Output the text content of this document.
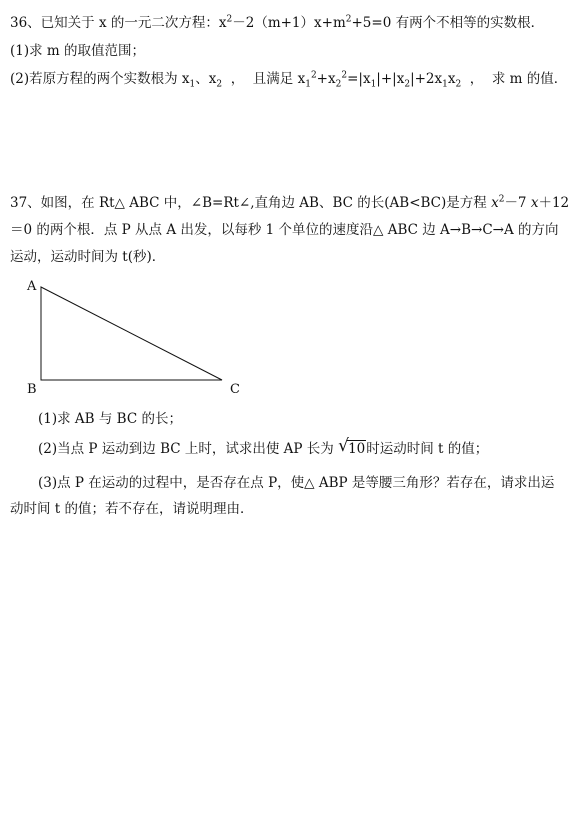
36、已知关于 x 的一元二次方程：$x^2-2(m+1)x+m^2+5=0$ 有两个不相等的实数根．
(1)求 m 的取值范围；
(2)若原方程的两个实数根为 $x_1$、$x_2$  ，  且满足 $x_1^2+x_2^2=|x_1|+|x_2|+2x_1x_2$  ，  求 m 的值．
37、如图，在 Rt△ ABC 中，∠B=Rt∠,直角边 AB、BC 的长(AB<BC)是方程 $x^2-7$ x＋12
＝0 的两个根．点 P 从点 A 出发，以每秒 1 个单位的速度沿△ ABC 边 A→B→C→A 的方向
运动，运动时间为 t(秒)．
A
B	C
(1)求 AB 与 BC 的长；
(2)当点 P 运动到边 BC 上时，试求出使 AP 长为 √ 10时运动时间 t 的值；
(3)点 P 在运动的过程中，是否存在点 P，使△ ABP 是等腰三角形？若存在，请求出运
动时间 t 的值；若不存在，请说明理由．
